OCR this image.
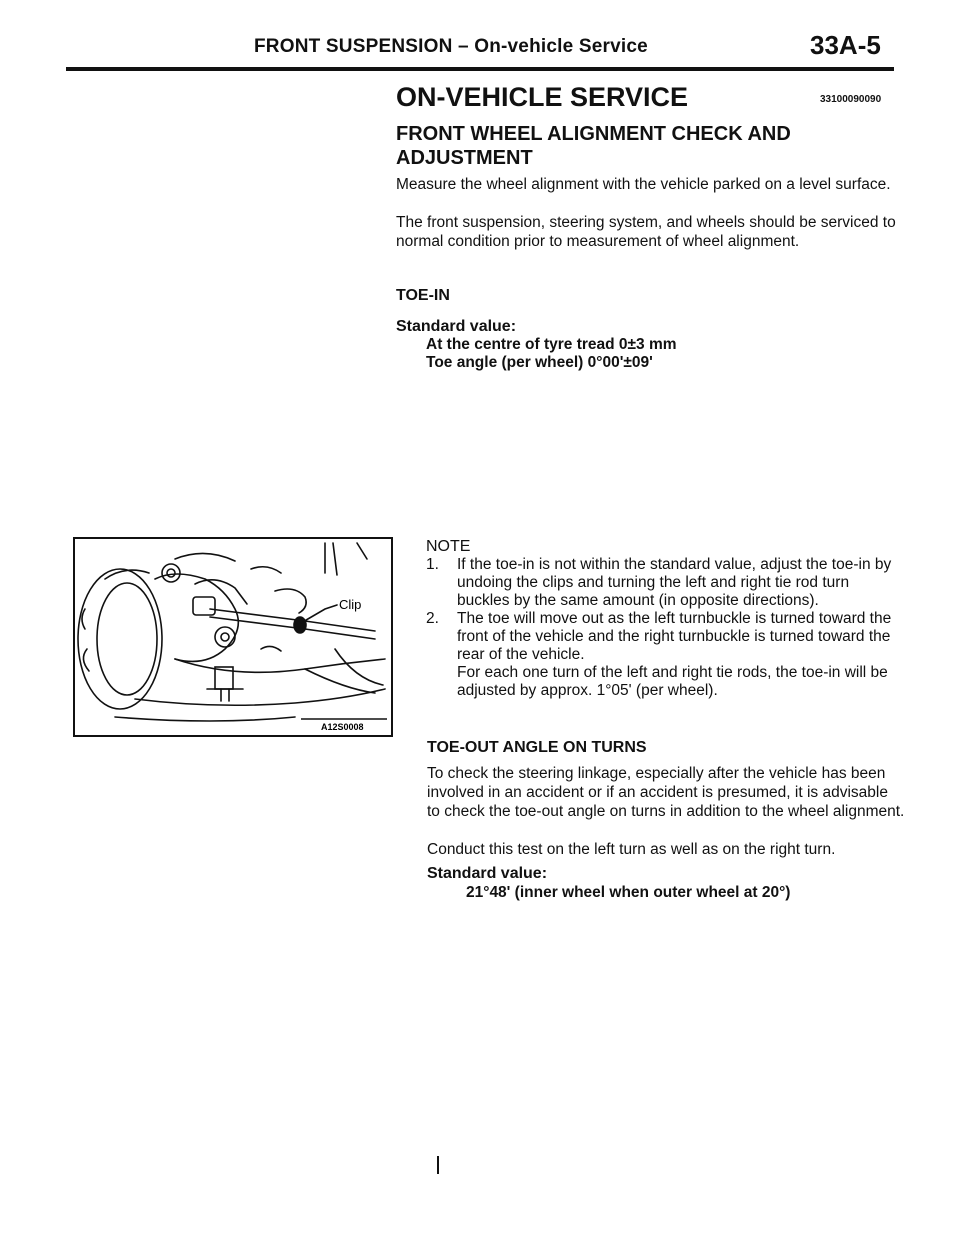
FRONT SUSPENSION – On-vehicle Service	33A-5
ON-VEHICLE SERVICE	33100090090
FRONT WHEEL ALIGNMENT CHECK AND ADJUSTMENT
Measure the wheel alignment with the vehicle parked on a level surface.
The front suspension, steering system, and wheels should be serviced to normal condition prior to measurement of wheel alignment.
TOE-IN
Standard value:
At the centre of tyre tread 0±3 mm
Toe angle (per wheel) 0°00'±09'
Clip
A12S0008
NOTE
1. If the toe-in is not within the standard value, adjust the toe-in by undoing the clips and turning the left and right tie rod turn buckles by the same amount (in opposite directions).

2. The toe will move out as the left turnbuckle is turned toward the front of the vehicle and the right turnbuckle is turned toward the rear of the vehicle.

For each one turn of the left and right tie rods, the toe-in will be adjusted by approx. 1°05' (per wheel).

TOE-OUT ANGLE ON TURNS
To check the steering linkage, especially after the vehicle has been involved in an accident or if an accident is presumed, it is advisable to check the toe-out angle on turns in addition to the wheel alignment.
Conduct this test on the left turn as well as on the right turn.
Standard value:
21°48' (inner wheel when outer wheel at 20°)
